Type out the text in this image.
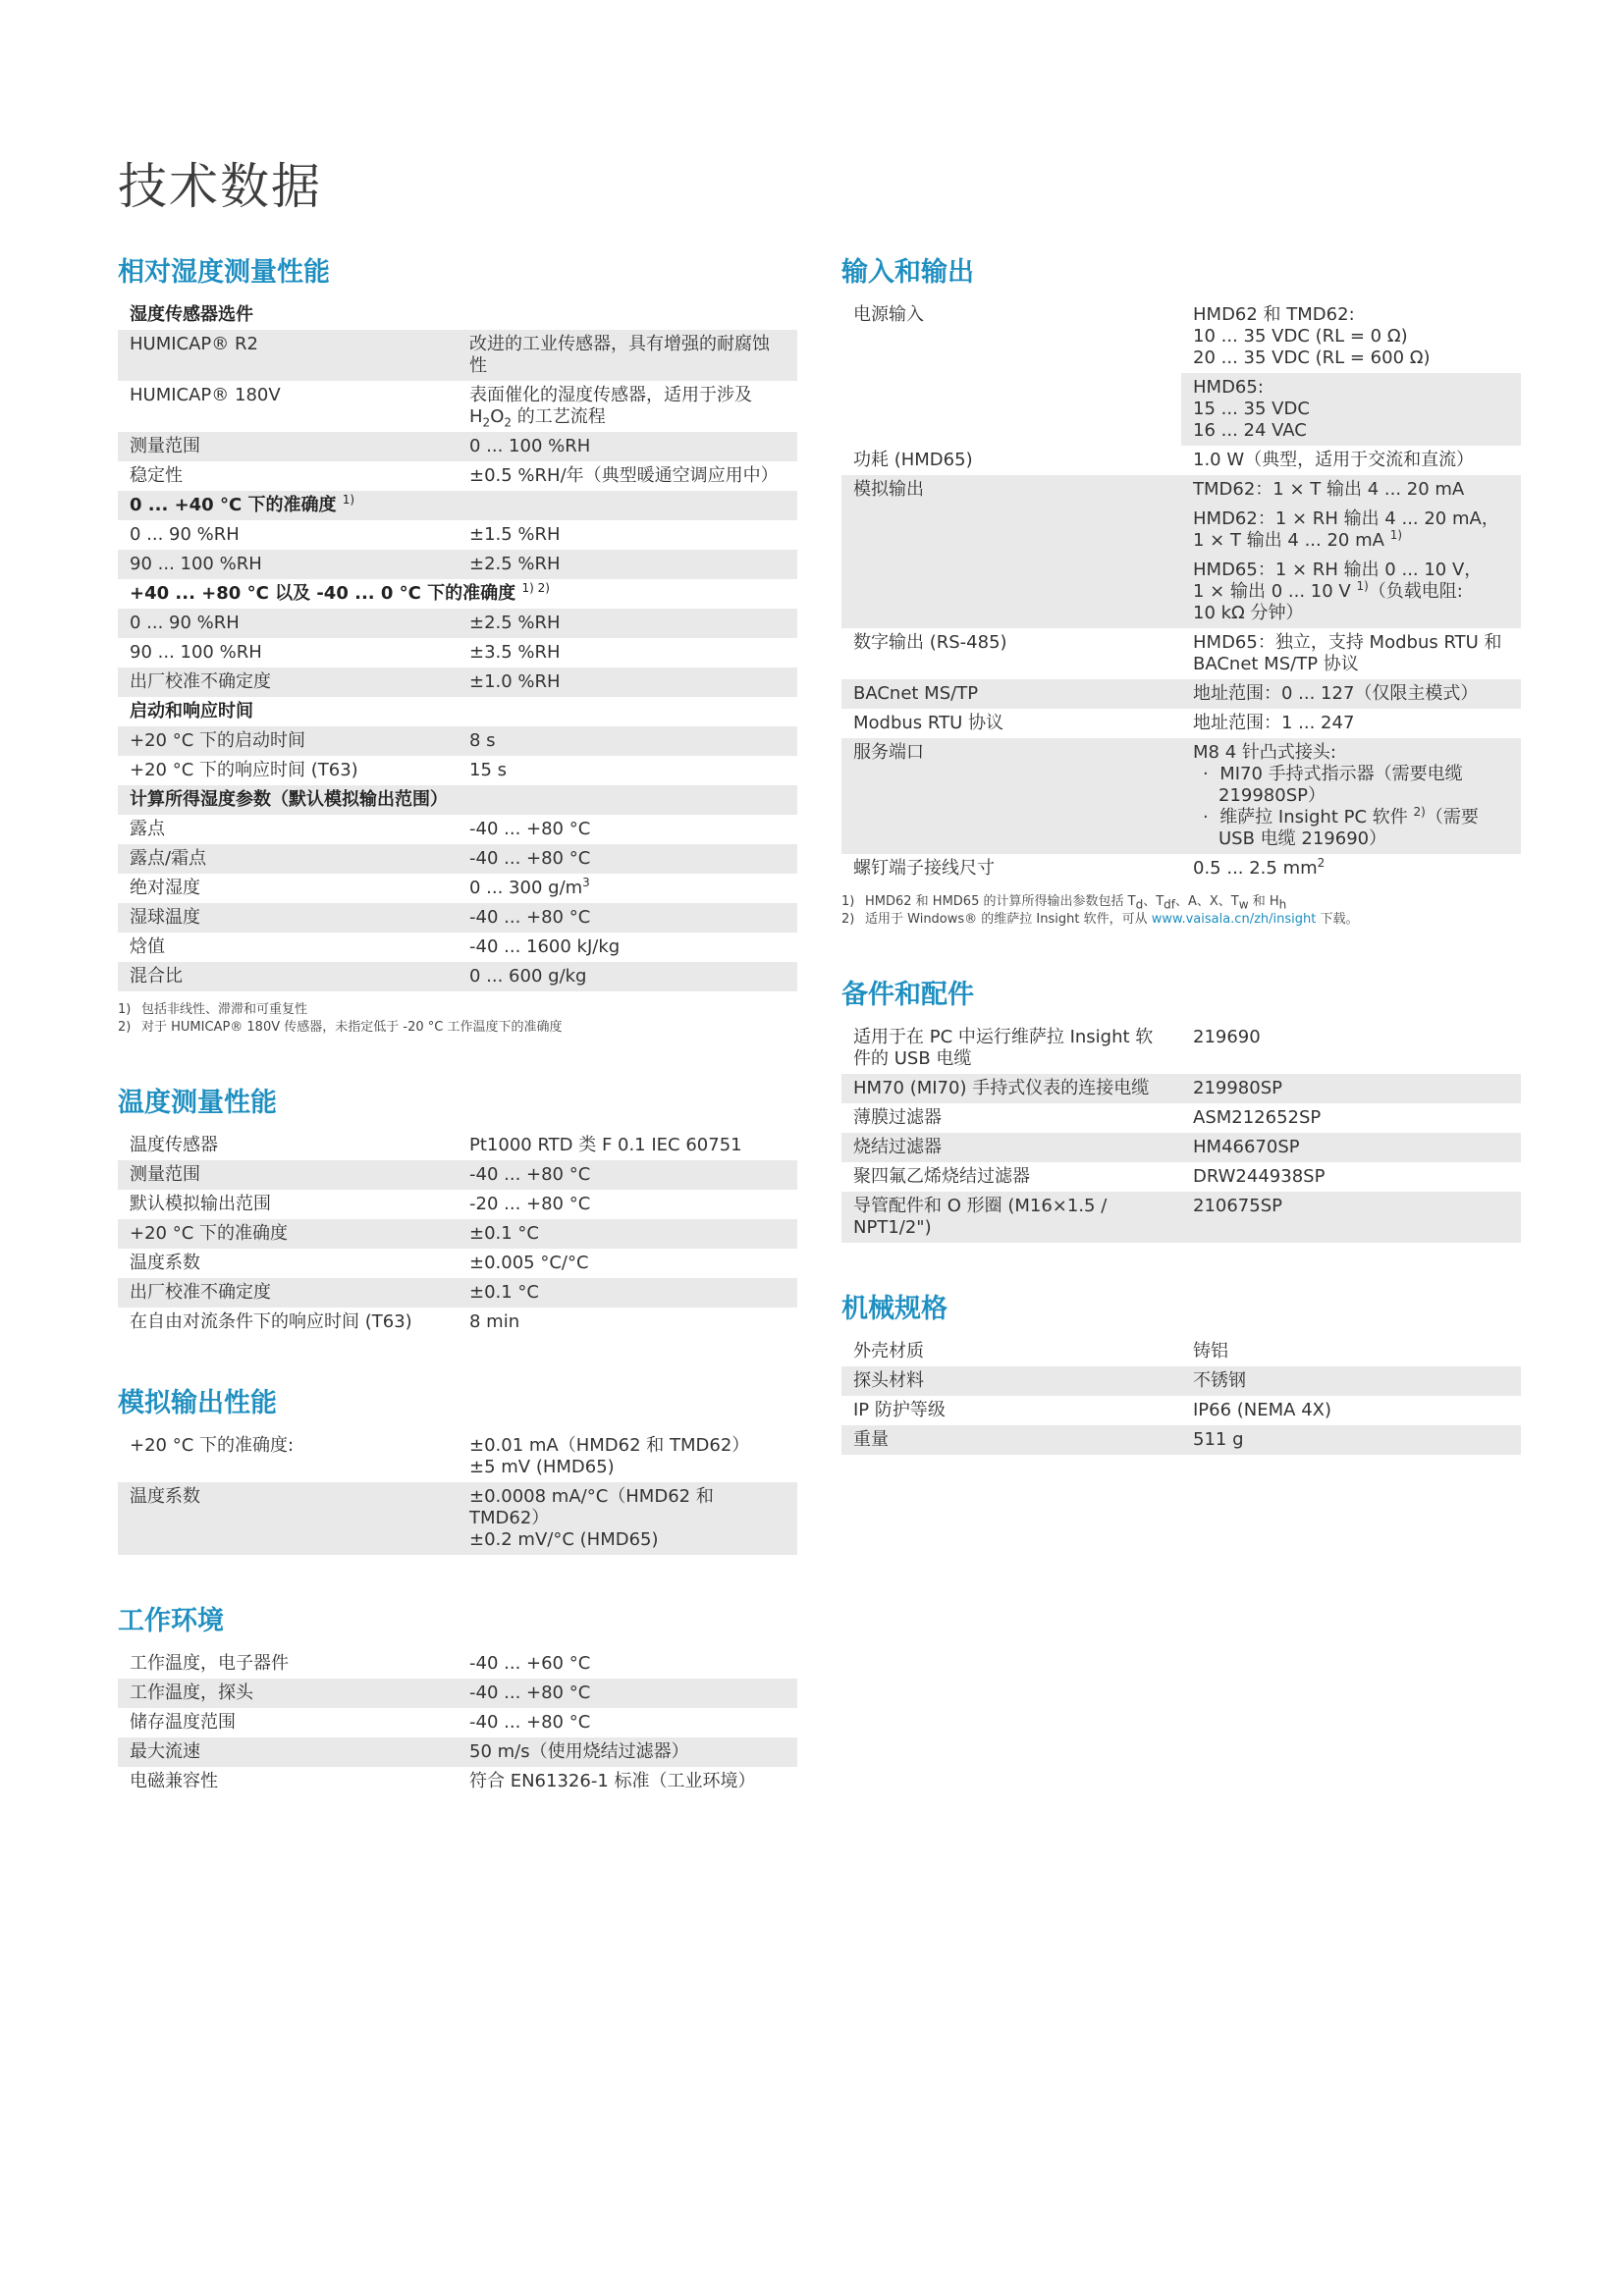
技术数据
相对湿度测量性能
湿度传感器选件	
HUMICAP® R2	改进的工业传感器，具有增强的耐腐蚀性
HUMICAP® 180V	表面催化的湿度传感器，适用于涉及 $H_2O_2$ 的工艺流程
测量范围	0 ... 100 %RH
稳定性	±0.5 %RH/年（典型暖通空调应用中）
0 ... +40 °C 下的准确度 $^{1)}$
0 ... 90 %RH	±1.5 %RH
90 ... 100 %RH	±2.5 %RH
+40 ... +80 °C 以及 -40 ... 0 °C 下的准确度 $^{1) 2)}$
0 ... 90 %RH	±2.5 %RH
90 ... 100 %RH	±3.5 %RH
出厂校准不确定度	±1.0 %RH
启动和响应时间	
+20 °C 下的启动时间	8 s
+20 °C 下的响应时间 (T63)	15 s
计算所得湿度参数（默认模拟输出范围）	
露点	-40 ... +80 °C
露点/霜点	-40 ... +80 °C
绝对湿度	0 ... 300 $g/m^3$
湿球温度	-40 ... +80 °C
焓值	-40 ... 1600 kJ/kg
混合比	0 ... 600 g/kg
1) 包括非线性、滞滞和可重复性
2) 对于 HUMICAP® 180V 传感器，未指定低于 -20 °C 工作温度下的准确度
温度测量性能
温度传感器	Pt1000 RTD 类 F 0.1 IEC 60751
测量范围	-40 ... +80 °C
默认模拟输出范围	-20 ... +80 °C
+20 °C 下的准确度	±0.1 °C
温度系数	±0.005 °C/°C
出厂校准不确定度	±0.1 °C
在自由对流条件下的响应时间 (T63)	8 min
模拟输出性能
+20 °C 下的准确度:	±0.01 mA（HMD62 和 TMD62）
±5 mV (HMD65)

温度系数	±0.0008 mA/°C（HMD62 和 TMD62）
±0.2 mV/°C (HMD65)
工作环境
工作温度，电子器件	-40 ... +60 °C
工作温度，探头	-40 ... +80 °C
储存温度范围	-40 ... +80 °C
最大流速	50 m/s（使用烧结过滤器）
电磁兼容性	符合 EN61326-1 标准（工业环境）
输入和输出
电源输入	HMD62 和 TMD62:
10 ... 35 VDC (RL = 0 Ω)
20 ... 35 VDC (RL = 600 Ω)

	HMD65:
15 ... 35 VDC
16 ... 24 VAC

功耗 (HMD65)	1.0 W（典型，适用于交流和直流）
模拟输出	TMD62：1 × T 输出 4 ... 20 mA

	HMD62：1 × RH 输出 4 ... 20 mA，
1 × T 输出 4 ... 20 mA $^{1)}$

	HMD65：1 × RH 输出 0 ... 10 V，
1 × 输出 0 ... 10 V $^{1)}$（负载电阻:
10 kΩ 分钟）

数字输出 (RS-485)	HMD65：独立，支持 Modbus RTU 和 BACnet MS/TP 协议
BACnet MS/TP	地址范围：0 ... 127（仅限主模式）
Modbus RTU 协议	地址范围：1 ... 247
服务端口	M8 4 针凸式接头:
· MI70 手持式指示器（需要电缆 219980SP）
· 维萨拉 Insight PC 软件 $^{2)}$（需要 USB 电缆 219690）

螺钉端子接线尺寸	0.5 ... 2.5 $mm^2$
1) HMD62 和 HMD65 的计算所得输出参数包括 $T_d$、$T_{df}$、A、X、$T_w$ 和 $H_h$
2) 适用于 Windows® 的维萨拉 Insight 软件，可从 www.vaisala.cn/zh/insight 下载。
备件和配件
适用于在 PC 中运行维萨拉 Insight 软件的 USB 电缆	219690
HM70 (MI70) 手持式仪表的连接电缆	219980SP
薄膜过滤器	ASM212652SP
烧结过滤器	HM46670SP
聚四氟乙烯烧结过滤器	DRW244938SP
导管配件和 O 形圈 (M16×1.5 / NPT1/2")	210675SP
机械规格
外壳材质	铸铝
探头材料	不锈钢
IP 防护等级	IP66 (NEMA 4X)
重量	511 g
